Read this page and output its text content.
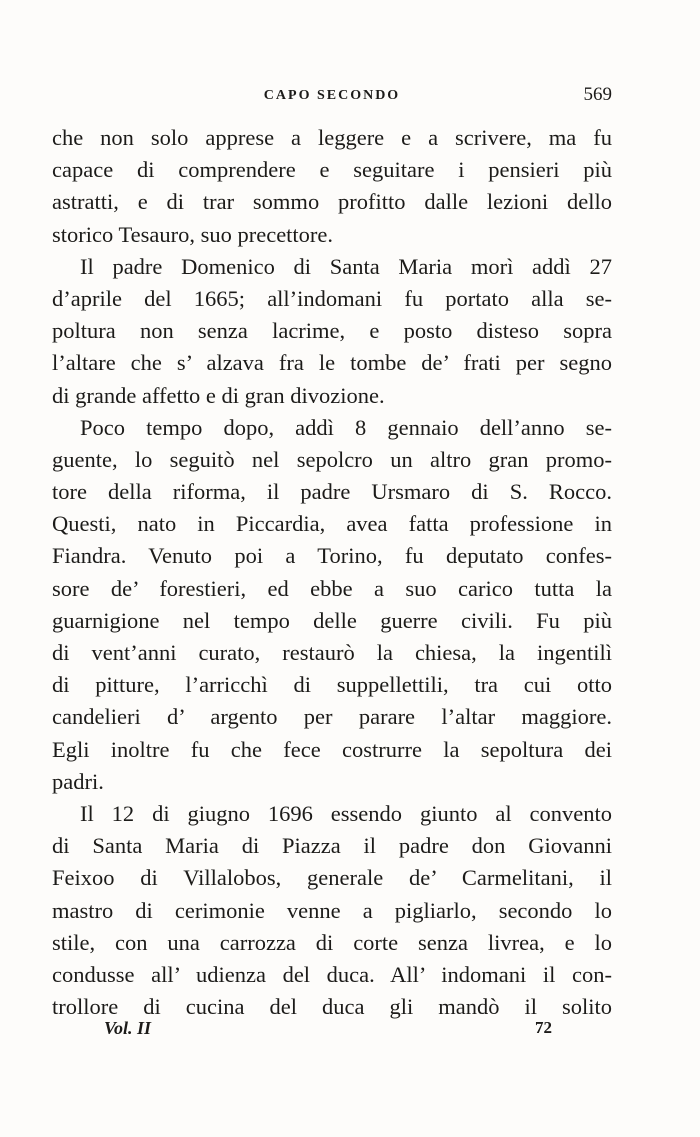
CAPO SECONDO	569
che non solo apprese a leggere e a scrivere, ma fu
capace di comprendere e seguitare i pensieri più
astratti, e di trar sommo profitto dalle lezioni dello
storico Tesauro, suo precettore.
Il padre Domenico di Santa Maria morì addì 27
d’aprile del 1665; all’indomani fu portato alla se-
poltura non senza lacrime, e posto disteso sopra
l’altare che s’ alzava fra le tombe de’ frati per segno
di grande affetto e di gran divozione.
Poco tempo dopo, addì 8 gennaio dell’anno se-
guente, lo seguitò nel sepolcro un altro gran promo-
tore della riforma, il padre Ursmaro di S. Rocco.
Questi, nato in Piccardia, avea fatta professione in
Fiandra. Venuto poi a Torino, fu deputato confes-
sore de’ forestieri, ed ebbe a suo carico tutta la
guarnigione nel tempo delle guerre civili. Fu più
di vent’anni curato, restaurò la chiesa, la ingentilì
di pitture, l’arricchì di suppellettili, tra cui otto
candelieri d’ argento per parare l’altar maggiore.
Egli inoltre fu che fece costrurre la sepoltura dei
padri.
Il 12 di giugno 1696 essendo giunto al convento
di Santa Maria di Piazza il padre don Giovanni
Feixoo di Villalobos, generale de’ Carmelitani, il
mastro di cerimonie venne a pigliarlo, secondo lo
stile, con una carrozza di corte senza livrea, e lo
condusse all’ udienza del duca. All’ indomani il con-
trollore di cucina del duca gli mandò il solito
Vol. II	72
